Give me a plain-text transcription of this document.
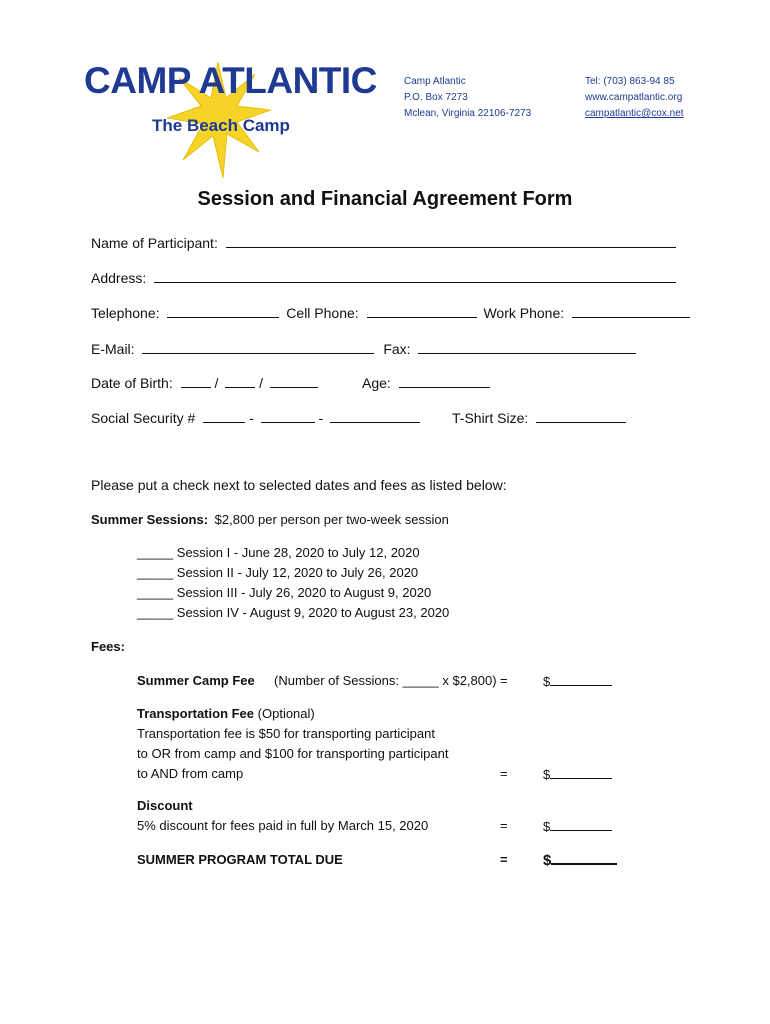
CAMP ATLANTIC
The Beach Camp
Camp Atlantic
P.O. Box 7273
Mclean, Virginia 22106-7273
Tel: (703) 863-94 85
www.campatlantic.org
campatlantic@cox.net
Session and Financial Agreement Form
Name of Participant:
Address:
Telephone:	Cell Phone:	Work Phone:
E-Mail:	Fax:
Date of Birth:	/	/	Age:
Social Security #	-	-	T-Shirt Size:
Please put a check next to selected dates and fees as listed below:
Summer Sessions: $2,800 per person per two-week session
_____ Session I - June 28, 2020 to July 12, 2020
_____ Session II - July 12, 2020 to July 26, 2020
_____ Session III - July 26, 2020 to August 9, 2020
_____ Session IV - August 9, 2020 to August 23, 2020
Fees:
Summer Camp Fee (Number of Sessions: _____ x $2,800) =	$
Transportation Fee (Optional)
Transportation fee is $50 for transporting participant
to OR from camp and $100 for transporting participant
to AND from camp	=	$
Discount
5% discount for fees paid in full by March 15, 2020	=	$
SUMMER PROGRAM TOTAL DUE	= $
